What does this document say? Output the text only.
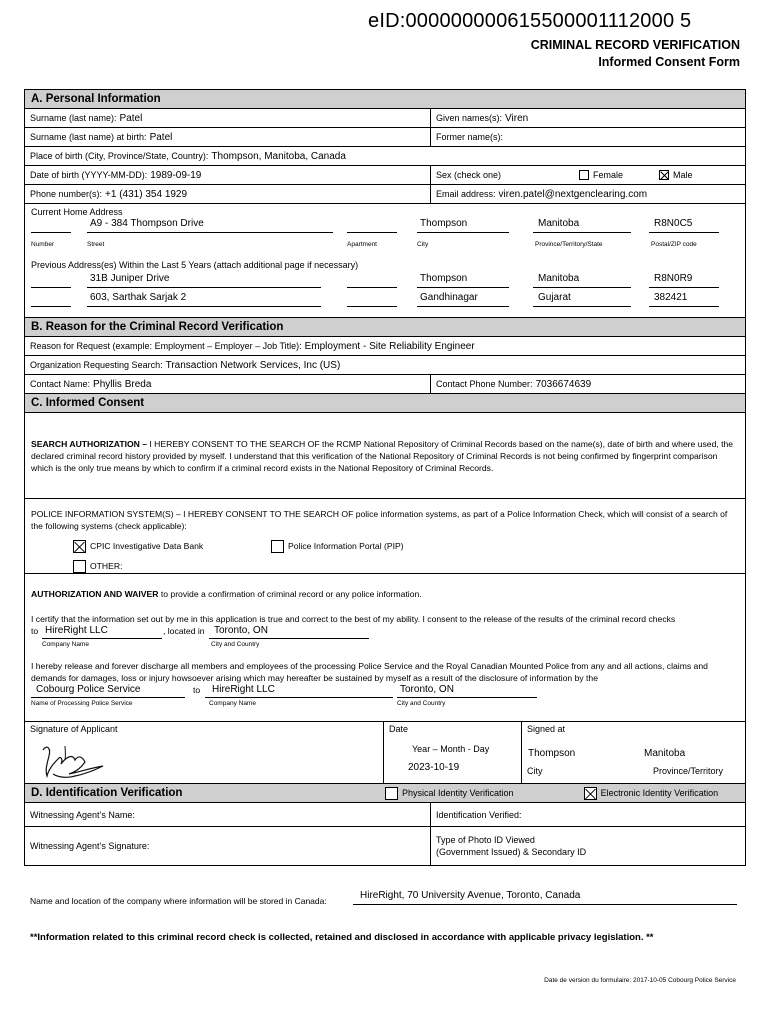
eID:000000000615500001112000 5
CRIMINAL RECORD VERIFICATION
Informed Consent Form
A. Personal Information
Surname (last name): Patel	Given names(s): Viren
Surname (last name) at birth: Patel	Former name(s):
Place of birth (City, Province/State, Country): Thompson, Manitoba, Canada
Date of birth (YYYY-MM-DD): 1989-09-19	Sex (check one)	Female	Male
Phone number(s): +1 (431) 354 1929	Email address: viren.patel@nextgenclearing.com
Current Home Address
A9 - 384 Thompson Drive	Thompson	Manitoba	R8N0C5
Number	Street	Apartment	City	Province/Territory/State	Postal/ZIP code
Previous Address(es) Within the Last 5 Years (attach additional page if necessary)
31B Juniper Drive	Thompson	Manitoba	R8N0R9
603, Sarthak Sarjak 2	Gandhinagar	Gujarat	382421
B. Reason for the Criminal Record Verification
Reason for Request (example: Employment – Employer – Job Title): Employment - Site Reliability Engineer
Organization Requesting Search: Transaction Network Services, Inc (US)
Contact Name: Phyllis Breda	Contact Phone Number: 7036674639
C. Informed Consent
SEARCH AUTHORIZATION – I HEREBY CONSENT TO THE SEARCH OF the RCMP National Repository of Criminal Records based on the name(s), date of birth and where used, the declared criminal record history provided by myself. I understand that this verification of the National Repository of Criminal Records is not being confirmed by fingerprint comparison which is the only true means by which to confirm if a criminal record exists in the National Repository of Criminal Records.
POLICE INFORMATION SYSTEM(S) – I HEREBY CONSENT TO THE SEARCH OF police information systems, as part of a Police Information Check, which will consist of a search of the following systems (check applicable):
CPIC Investigative Data Bank	Police Information Portal (PIP)
OTHER:
AUTHORIZATION AND WAIVER to provide a confirmation of criminal record or any police information.
I certify that the information set out by me in this application is true and correct to the best of my ability. I consent to the release of the results of the criminal record checks
to HireRight LLC	, located in Toronto, ON
Company Name	City and Country
I hereby release and forever discharge all members and employees of the processing Police Service and the Royal Canadian Mounted Police from any and all actions, claims and demands for damages, loss or injury howsoever arising which may hereafter be sustained by myself as a result of the disclosure of information by the
Cobourg Police Service	to HireRight LLC	Toronto, ON
Name of Processing Police Service	Company Name	City and Country
Signature of Applicant	Date
Year – Month - Day
2023-10-19
Signed at
Thompson	Manitoba
City	Province/Territory
D. Identification Verification	Physical Identity Verification	Electronic Identity Verification
Witnessing Agent’s Name:	Identification Verified:
Witnessing Agent’s Signature:
Type of Photo ID Viewed
(Government Issued) & Secondary ID
Name and location of the company where information will be stored in Canada:	HireRight, 70 University Avenue, Toronto, Canada
**Information related to this criminal record check is collected, retained and disclosed in accordance with applicable privacy legislation. **
Date de version du formulaire: 2017-10-05 Cobourg Police Service
